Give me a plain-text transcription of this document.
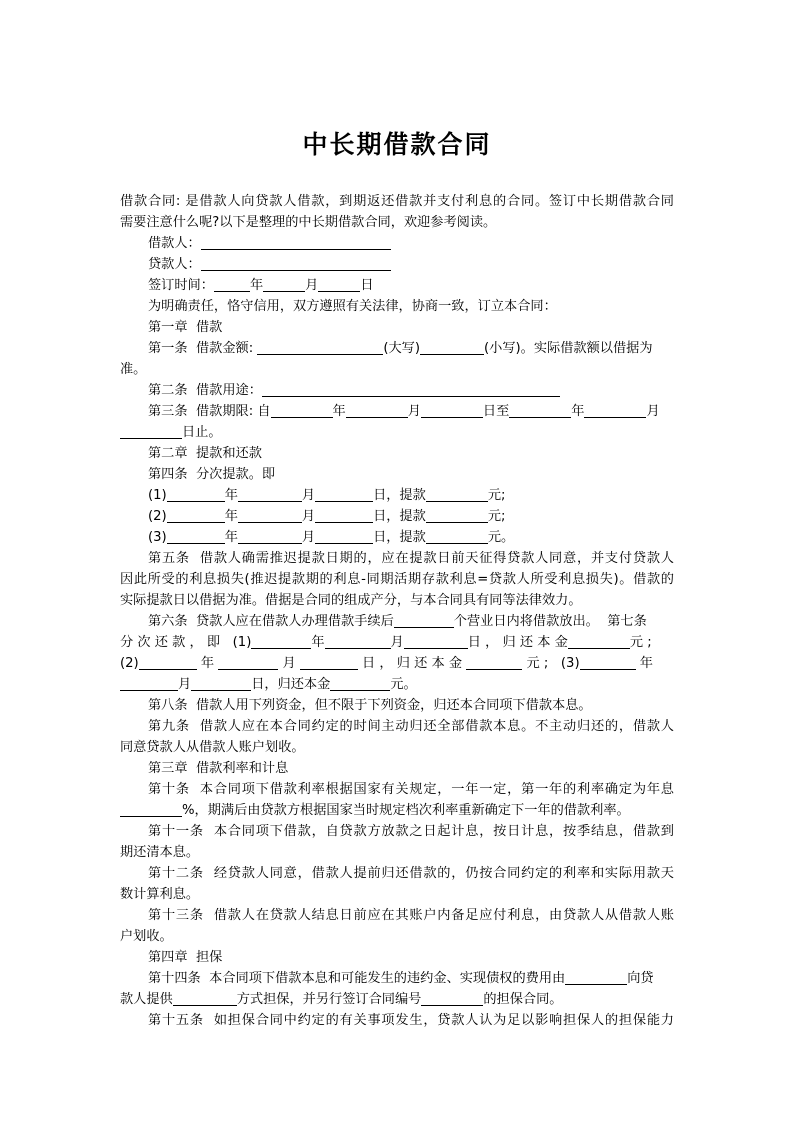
中长期借款合同
借款合同: 是借款人向贷款人借款，到期返还借款并支付利息的合同。签订中长期借款合同
需要注意什么呢?以下是整理的中长期借款合同，欢迎参考阅读。
借款人：
贷款人：
签订时间：	年	月	日
为明确责任，恪守信用，双方遵照有关法律，协商一致，订立本合同：
第一章  借款
第一条  借款金额:	(大写)	(小写)。实际借款额以借据为
准。
第二条  借款用途：
第三条  借款期限: 自	年	月	日至	年	月
日止。
第二章  提款和还款
第四条  分次提款。即
(1)	年	月	日，提款	元;
(2)	年	月	日，提款	元;
(3)	年	月	日，提款	元。
第五条  借款人确需推迟提款日期的，应在提款日前天征得贷款人同意，并支付贷款人
因此所受的利息损失(推迟提款期的利息-同期活期存款利息=贷款人所受利息损失)。借款的
实际提款日以借据为准。借据是合同的组成产分，与本合同具有同等法律效力。
第六条  贷款人应在借款人办理借款手续后	个营业日内将借款放出。  第七条
分 次 还 款 ， 即   (1)	年	月	日 ， 归 还 本 金	元 ;
(2)	年	月	日 ， 归 还 本 金	元 ;   (3)	年
月	日，归还本金	元。
第八条  借款人用下列资金，但不限于下列资金，归还本合同项下借款本息。
第九条  借款人应在本合同约定的时间主动归还全部借款本息。不主动归还的，借款人
同意贷款人从借款人账户划收。
第三章  借款利率和计息
第十条  本合同项下借款利率根据国家有关规定，一年一定，第一年的利率确定为年息
%，期满后由贷款方根据国家当时规定档次利率重新确定下一年的借款利率。
第十一条  本合同项下借款，自贷款方放款之日起计息，按日计息，按季结息，借款到
期还清本息。
第十二条  经贷款人同意，借款人提前归还借款的，仍按合同约定的利率和实际用款天
数计算利息。
第十三条  借款人在贷款人结息日前应在其账户内备足应付利息，由贷款人从借款人账
户划收。
第四章  担保
第十四条  本合同项下借款本息和可能发生的违约金、实现债权的费用由	向贷
款人提供	方式担保，并另行签订合同编号	的担保合同。
第十五条  如担保合同中约定的有关事项发生，贷款人认为足以影响担保人的担保能力
